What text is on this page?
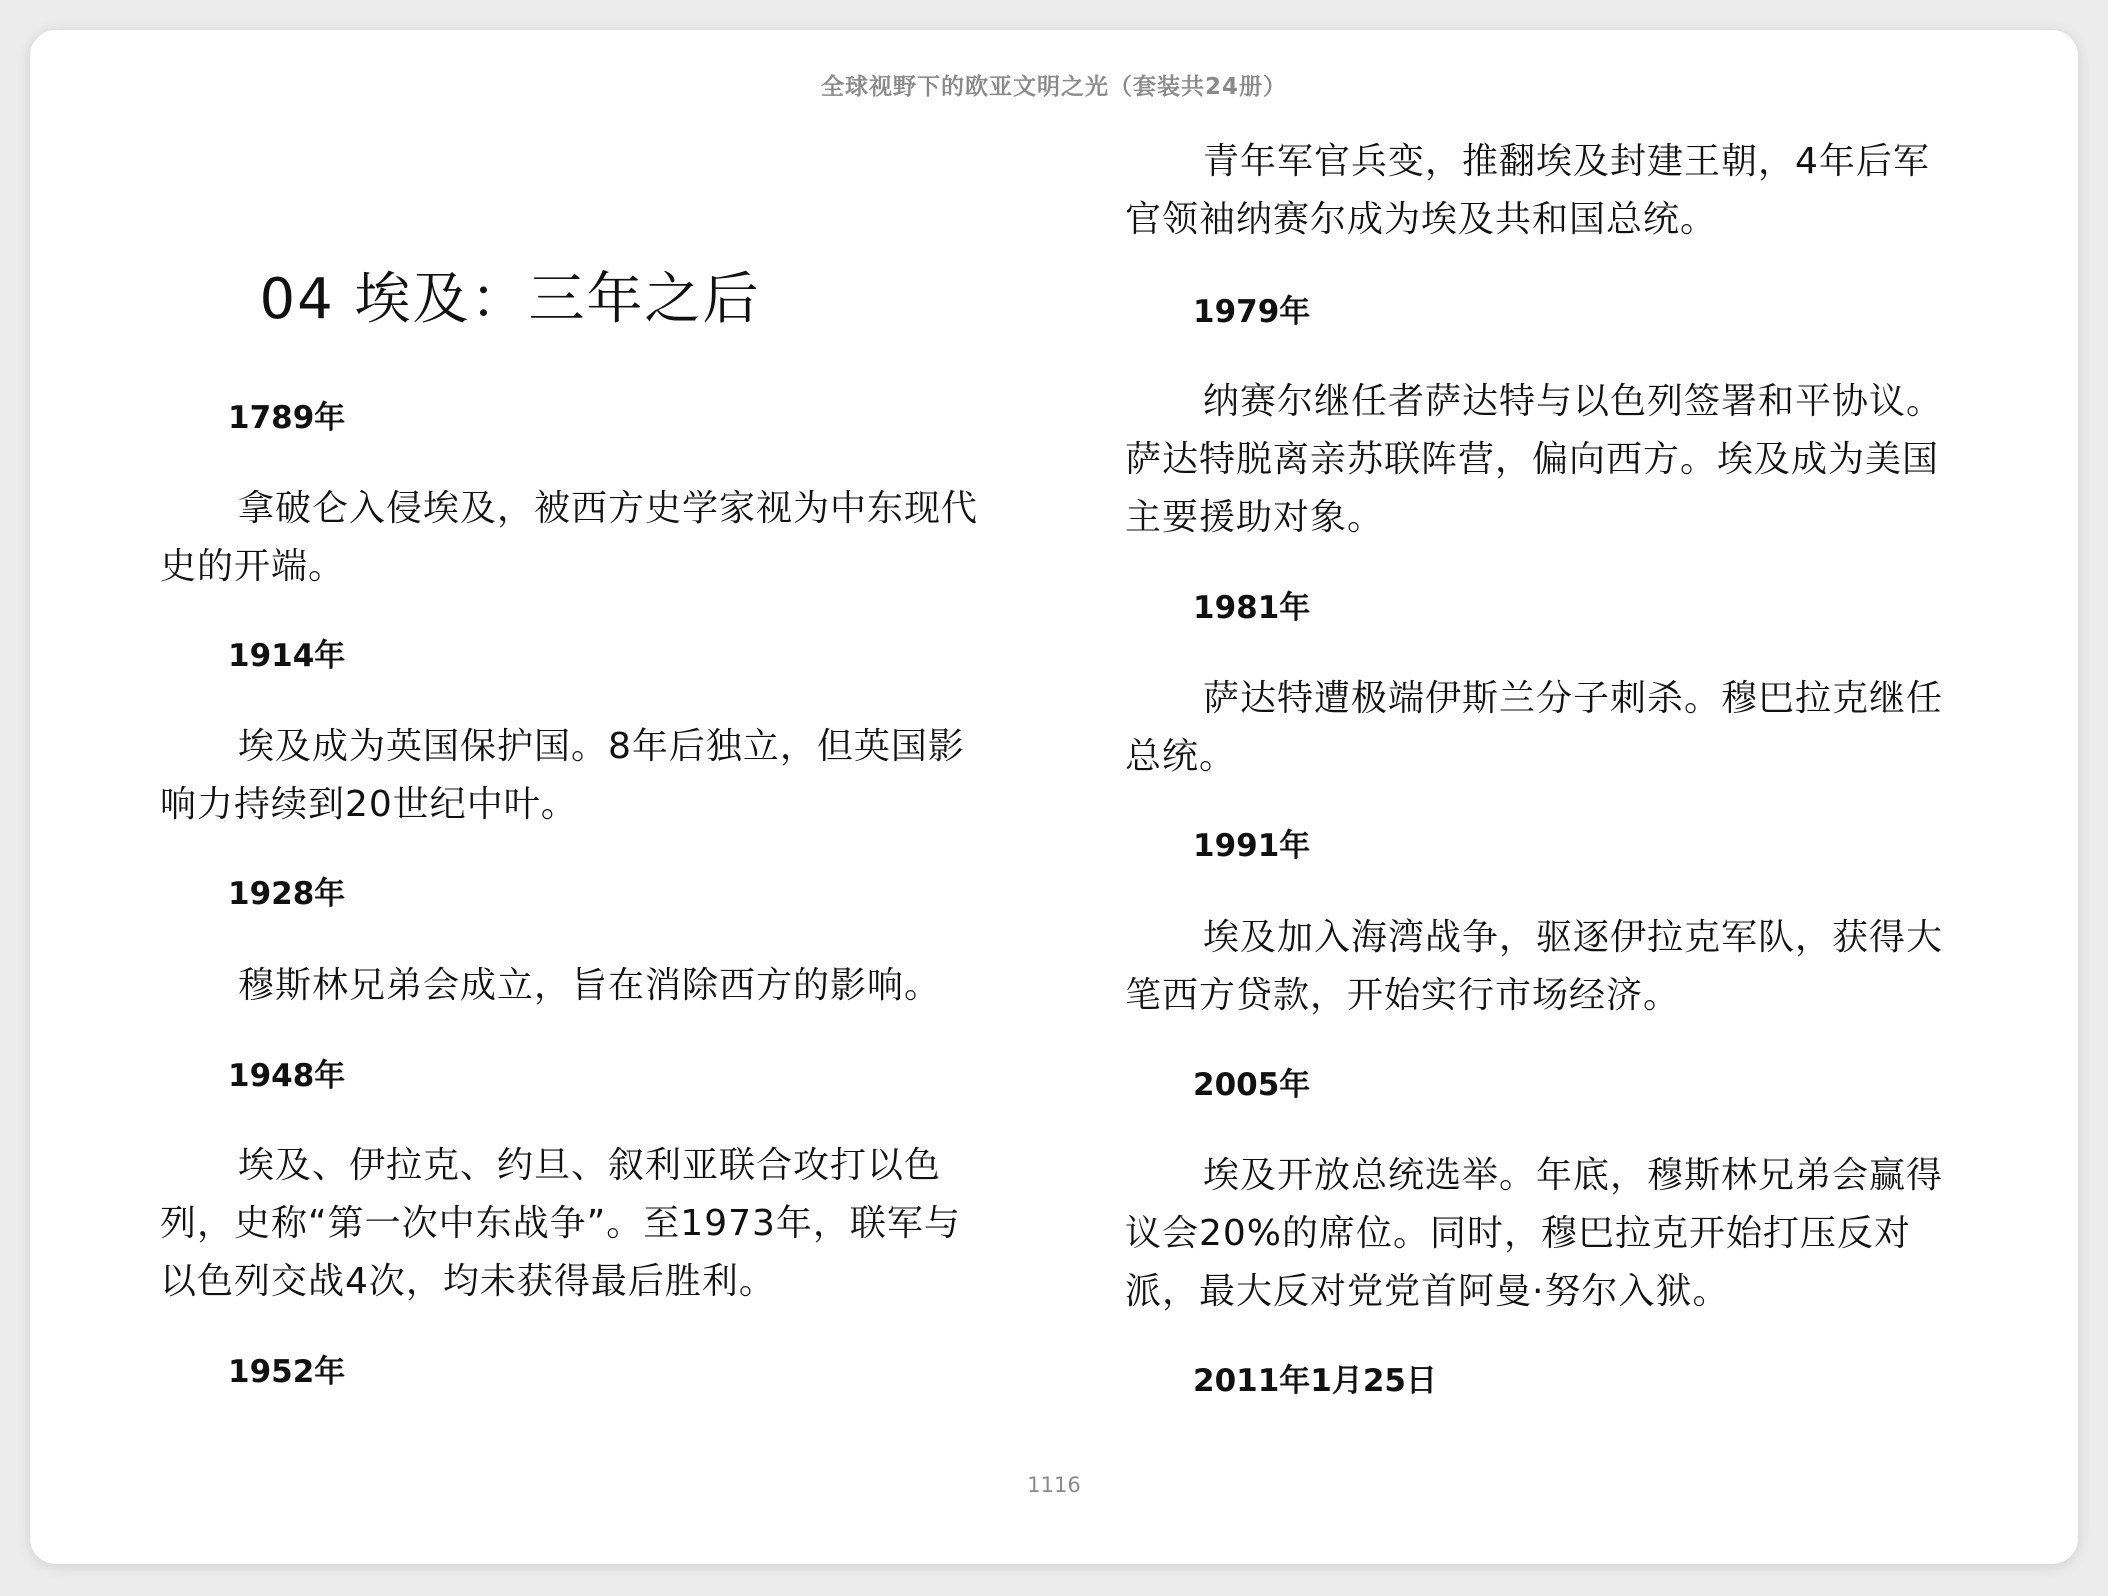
全球视野下的欧亚文明之光（套装共24册）
04 埃及：三年之后
1789年

拿破仑入侵埃及，被西方史学家视为中东现代史的开端。

1914年

埃及成为英国保护国。8年后独立，但英国影响力持续到20世纪中叶。

1928年

穆斯林兄弟会成立，旨在消除西方的影响。

1948年

埃及、伊拉克、约旦、叙利亚联合攻打以色列，史称“第一次中东战争”。至1973年，联军与以色列交战4次，均未获得最后胜利。

1952年

青年军官兵变，推翻埃及封建王朝，4年后军官领袖纳赛尔成为埃及共和国总统。

1979年

纳赛尔继任者萨达特与以色列签署和平协议。萨达特脱离亲苏联阵营，偏向西方。埃及成为美国主要援助对象。

1981年

萨达特遭极端伊斯兰分子刺杀。穆巴拉克继任总统。

1991年

埃及加入海湾战争，驱逐伊拉克军队，获得大笔西方贷款，开始实行市场经济。

2005年

埃及开放总统选举。年底，穆斯林兄弟会赢得议会20%的席位。同时，穆巴拉克开始打压反对派，最大反对党党首阿曼·努尔入狱。

2011年1月25日
1116
